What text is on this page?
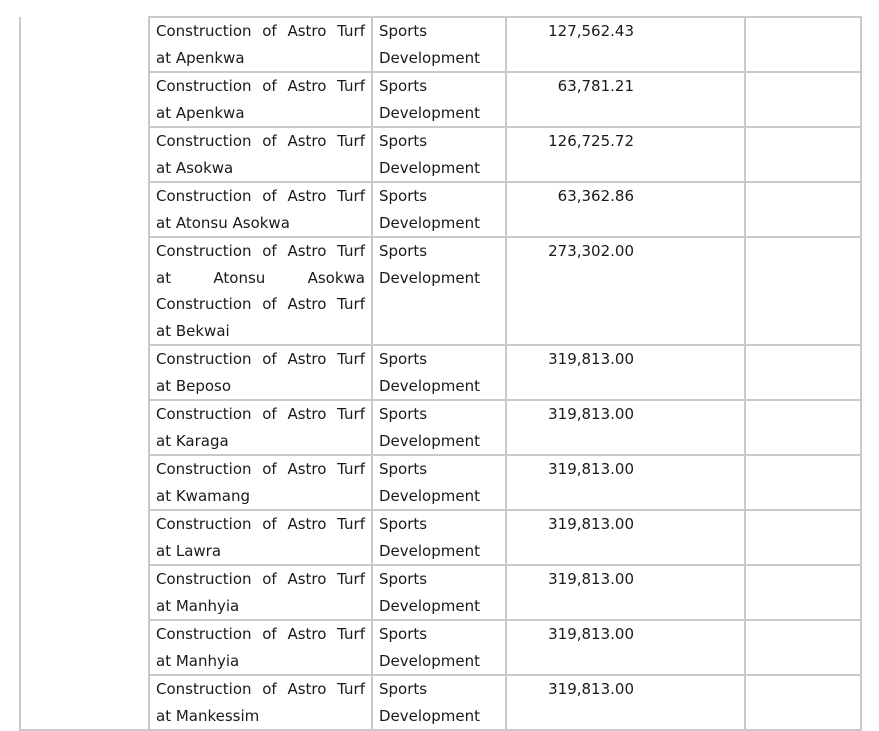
	Construction of Astro Turf at Apenkwa	Sports Development	127,562.43	
	Construction of Astro Turf at Apenkwa	Sports Development	63,781.21	
	Construction of Astro Turf at Asokwa	Sports Development	126,725.72	
	Construction of Astro Turf at Atonsu Asokwa	Sports Development	63,362.86	
	Construction of Astro Turf at Atonsu Asokwa Construction of Astro Turf at Bekwai	Sports Development	273,302.00	
	Construction of Astro Turf at Beposo	Sports Development	319,813.00	
	Construction of Astro Turf at Karaga	Sports Development	319,813.00	
	Construction of Astro Turf at Kwamang	Sports Development	319,813.00	
	Construction of Astro Turf at Lawra	Sports Development	319,813.00	
	Construction of Astro Turf at Manhyia	Sports Development	319,813.00	
	Construction of Astro Turf at Manhyia	Sports Development	319,813.00	
	Construction of Astro Turf at Mankessim	Sports Development	319,813.00	
